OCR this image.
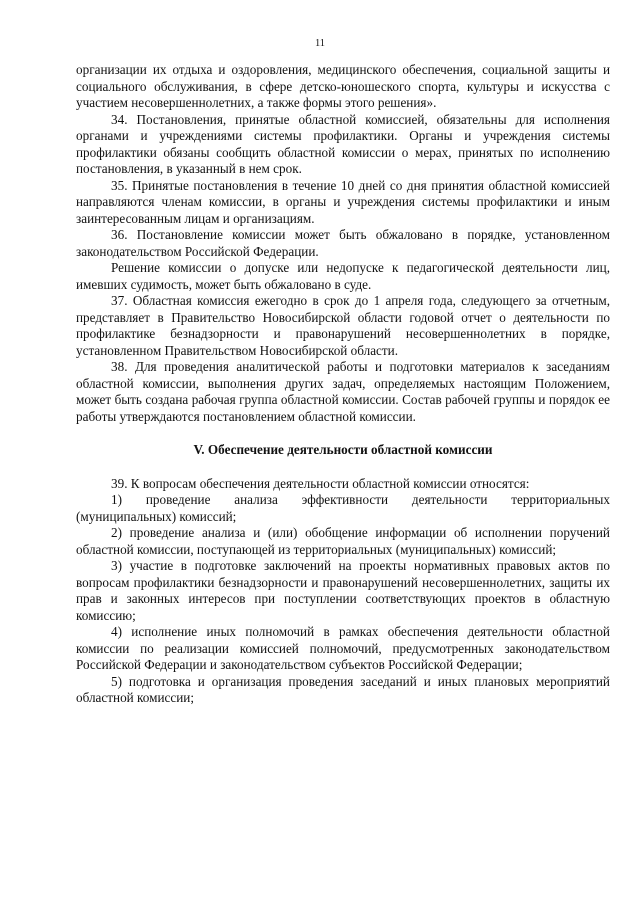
11

организации их отдыха и оздоровления, медицинского обеспечения, социальной защиты и социального обслуживания, в сфере детско-юношеского спорта, культуры и искусства с участием несовершеннолетних, а также формы этого решения».

34. Постановления, принятые областной комиссией, обязательны для исполнения органами и учреждениями системы профилактики. Органы и учреждения системы профилактики обязаны сообщить областной комиссии о мерах, принятых по исполнению постановления, в указанный в нем срок.

35. Принятые постановления в течение 10 дней со дня принятия областной комиссией направляются членам комиссии, в органы и учреждения системы профилактики и иным заинтересованным лицам и организациям.

36. Постановление комиссии может быть обжаловано в порядке, установленном законодательством Российской Федерации.

Решение комиссии о допуске или недопуске к педагогической деятельности лиц, имевших судимость, может быть обжаловано в суде.

37. Областная комиссия ежегодно в срок до 1 апреля года, следующего за отчетным, представляет в Правительство Новосибирской области годовой отчет о деятельности по профилактике безнадзорности и правонарушений несовершеннолетних в порядке, установленном Правительством Новосибирской области.

38. Для проведения аналитической работы и подготовки материалов к заседаниям областной комиссии, выполнения других задач, определяемых настоящим Положением, может быть создана рабочая группа областной комиссии. Состав рабочей группы и порядок ее работы утверждаются постановлением областной комиссии.

V. Обеспечение деятельности областной комиссии

39. К вопросам обеспечения деятельности областной комиссии относятся:

1) проведение анализа эффективности деятельности территориальных (муниципальных) комиссий;

2) проведение анализа и (или) обобщение информации об исполнении поручений областной комиссии, поступающей из территориальных (муниципальных) комиссий;

3) участие в подготовке заключений на проекты нормативных правовых актов по вопросам профилактики безнадзорности и правонарушений несовершеннолетних, защиты их прав и законных интересов при поступлении соответствующих проектов в областную комиссию;

4) исполнение иных полномочий в рамках обеспечения деятельности областной комиссии по реализации комиссией полномочий, предусмотренных законодательством Российской Федерации и законодательством субъектов Российской Федерации;

5) подготовка и организация проведения заседаний и иных плановых мероприятий областной комиссии;
